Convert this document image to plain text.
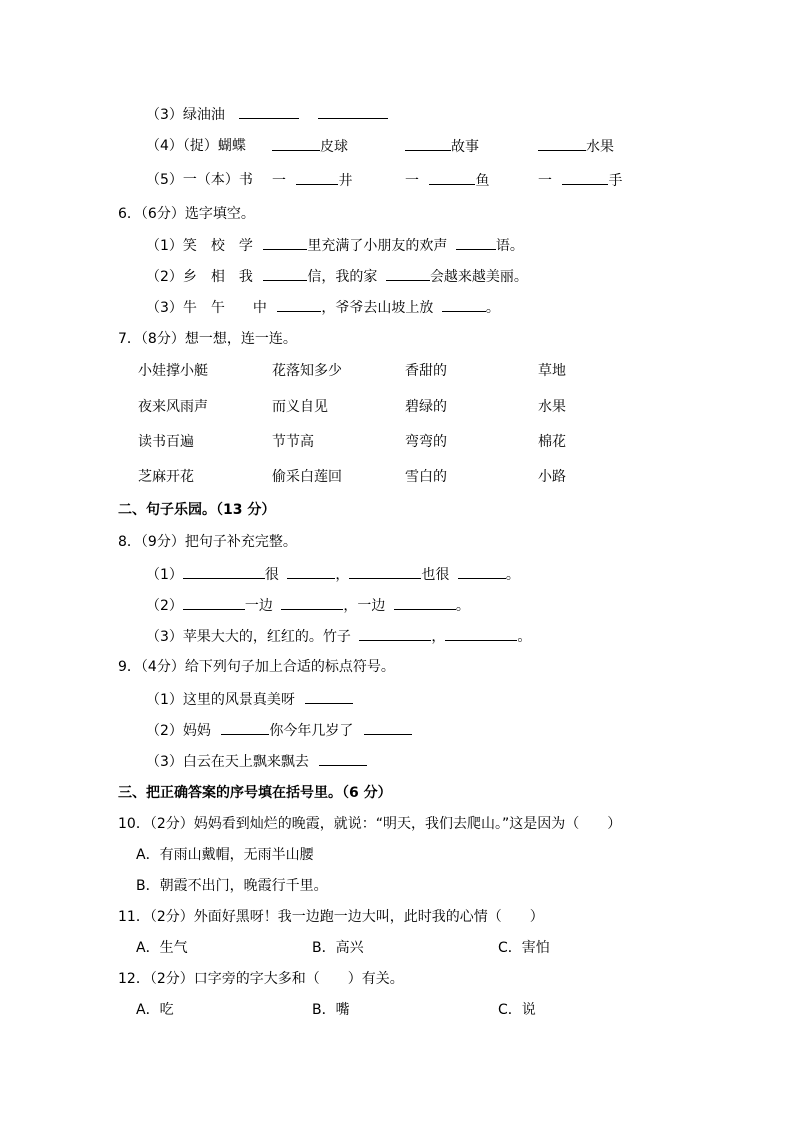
（3）绿油油
（4）（捉）蝴蝶	皮球	故事	水果
（5）一（本）书 一	井	一	鱼	一	手
6．（6分）选字填空。
（1）笑　校　学	里充满了小朋友的欢声	语。
（2）乡　相　我	信，我的家	会越来越美丽。
（3）牛　午　　中	，爷爷去山坡上放	。
7．（8分）想一想，连一连。
小娃撑小艇	花落知多少	香甜的	草地
夜来风雨声	而义自见	碧绿的	水果
读书百遍	节节高	弯弯的	棉花
芝麻开花	偷采白莲回	雪白的	小路
二、句子乐园。（13 分）
8．（9分）把句子补充完整。
（1）	很	，	也很	。
（2）	一边	，一边	。
（3）苹果大大的，红红的。竹子	，	。
9．（4分）给下列句子加上合适的标点符号。
（1）这里的风景真美呀
（2）妈妈	你今年几岁了
（3）白云在天上飘来飘去
三、把正确答案的序号填在括号里。（6 分）
10．（2分）妈妈看到灿烂的晚霞，就说：“明天，我们去爬山。”这是因为（　　）
A．有雨山戴帽，无雨半山腰
B．朝霞不出门，晚霞行千里。
11．（2分）外面好黑呀！我一边跑一边大叫，此时我的心情（　　）
A．生气	B．高兴	C．害怕
12．（2分）口字旁的字大多和（　　）有关。
A．吃	B．嘴	C．说
